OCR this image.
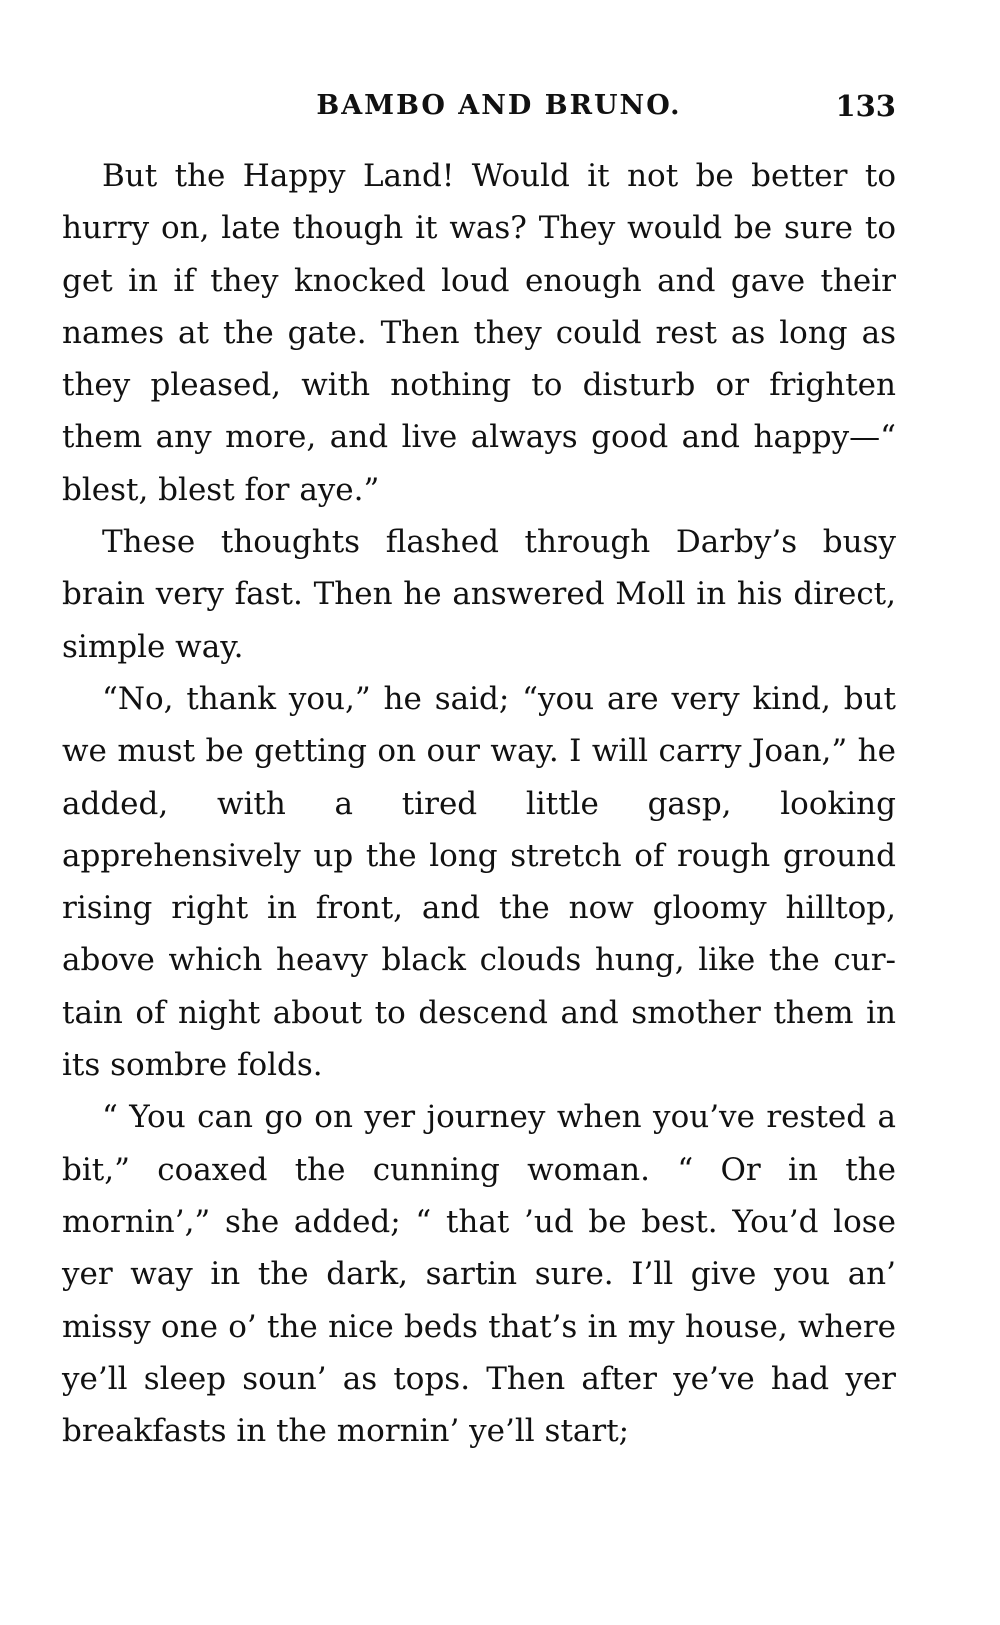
BAMBO AND BRUNO.	133

But the Happy Land! Would it not be better to hurry on, late though it was? They would be sure to get in if they knocked loud enough and gave their names at the gate. Then they could rest as long as they pleased, with nothing to disturb or frighten them any more, and live always good and happy—“ blest, blest for aye.”

These thoughts flashed through Darby’s busy brain very fast. Then he answered Moll in his direct, simple way.

“No, thank you,” he said; “you are very kind, but we must be getting on our way. I will carry Joan,” he added, with a tired little gasp, looking apprehensively up the long stretch of rough ground rising right in front, and the now gloomy hilltop, above which heavy black clouds hung, like the cur-tain of night about to descend and smother them in its sombre folds.

“ You can go on yer journey when you’ve rested a bit,” coaxed the cunning woman. “ Or in the mornin’,” she added; “ that ’ud be best. You’d lose yer way in the dark, sartin sure. I’ll give you an’ missy one o’ the nice beds that’s in my house, where ye’ll sleep soun’ as tops. Then after ye’ve had yer breakfasts in the mornin’ ye’ll start;
